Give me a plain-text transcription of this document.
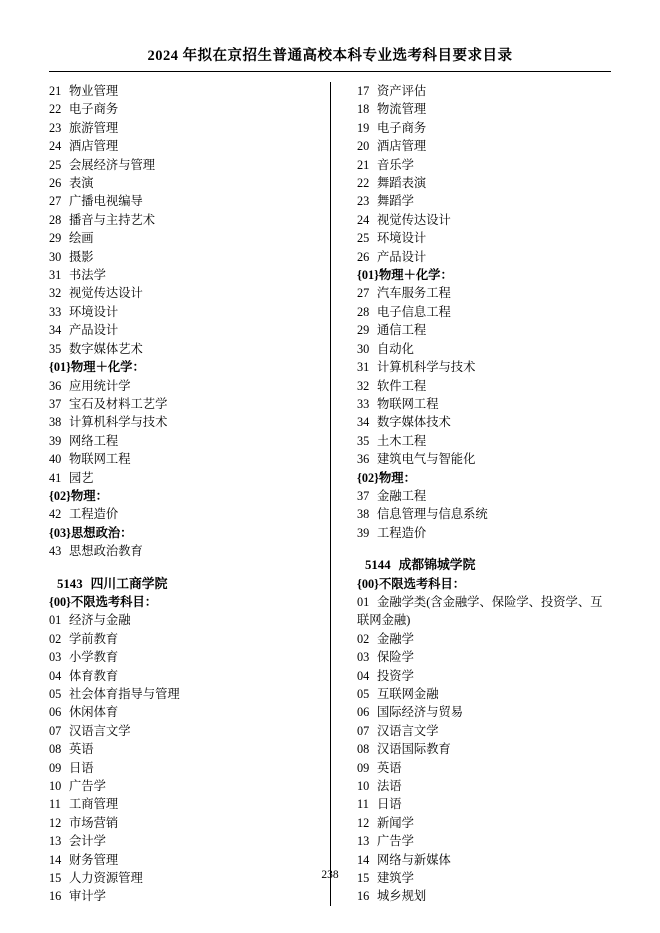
2024 年拟在京招生普通高校本科专业选考科目要求目录
21 物业管理
22 电子商务
23 旅游管理
24 酒店管理
25 会展经济与管理
26 表演
27 广播电视编导
28 播音与主持艺术
29 绘画
30 摄影
31 书法学
32 视觉传达设计
33 环境设计
34 产品设计
35 数字媒体艺术
{01}物理＋化学：
36 应用统计学
37 宝石及材料工艺学
38 计算机科学与技术
39 网络工程
40 物联网工程
41 园艺
{02}物理：
42 工程造价
{03}思想政治：
43 思想政治教育
5143 四川工商学院
{00}不限选考科目：
01 经济与金融
02 学前教育
03 小学教育
04 体育教育
05 社会体育指导与管理
06 休闲体育
07 汉语言文学
08 英语
09 日语
10 广告学
11 工商管理
12 市场营销
13 会计学
14 财务管理
15 人力资源管理
16 审计学
17 资产评估
18 物流管理
19 电子商务
20 酒店管理
21 音乐学
22 舞蹈表演
23 舞蹈学
24 视觉传达设计
25 环境设计
26 产品设计
{01}物理＋化学：
27 汽车服务工程
28 电子信息工程
29 通信工程
30 自动化
31 计算机科学与技术
32 软件工程
33 物联网工程
34 数字媒体技术
35 土木工程
36 建筑电气与智能化
{02}物理：
37 金融工程
38 信息管理与信息系统
39 工程造价
5144 成都锦城学院
{00}不限选考科目：
01 金融学类(含金融学、保险学、投资学、互联网金融)
02 金融学
03 保险学
04 投资学
05 互联网金融
06 国际经济与贸易
07 汉语言文学
08 汉语国际教育
09 英语
10 法语
11 日语
12 新闻学
13 广告学
14 网络与新媒体
15 建筑学
16 城乡规划
238
